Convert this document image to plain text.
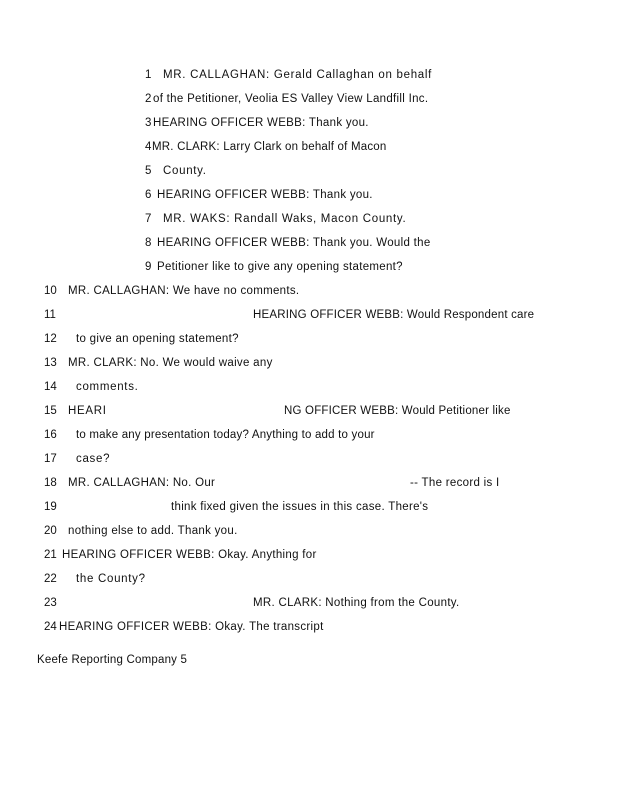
1 MR. CALLAGHAN: Gerald Callaghan on behalf
2 of the Petitioner, Veolia ES Valley View Landfill Inc.
3 HEARING OFFICER WEBB: Thank you.
4 MR. CLARK: Larry Clark on behalf of Macon
5 County.
6 HEARING OFFICER WEBB: Thank you.
7 MR. WAKS: Randall Waks, Macon County.
8 HEARING OFFICER WEBB: Thank you. Would the
9 Petitioner like to give any opening statement?
10 MR. CALLAGHAN: We have no comments.
11	HEARING OFFICER WEBB: Would Respondent care
12 to give an opening statement?
13 MR. CLARK: No. We would waive any
14 comments.
15 HEARI	NG OFFICER WEBB: Would Petitioner like
16 to make any presentation today? Anything to add to your
17 case?
18 MR. CALLAGHAN: No. Our	-- The record is I
19	think fixed given the issues in this case. There's
20 nothing else to add. Thank you.
21 HEARING OFFICER WEBB: Okay. Anything for
22 the County?
23	MR. CLARK: Nothing from the County.
24 HEARING OFFICER WEBB: Okay. The transcript
Keefe Reporting Company 5
